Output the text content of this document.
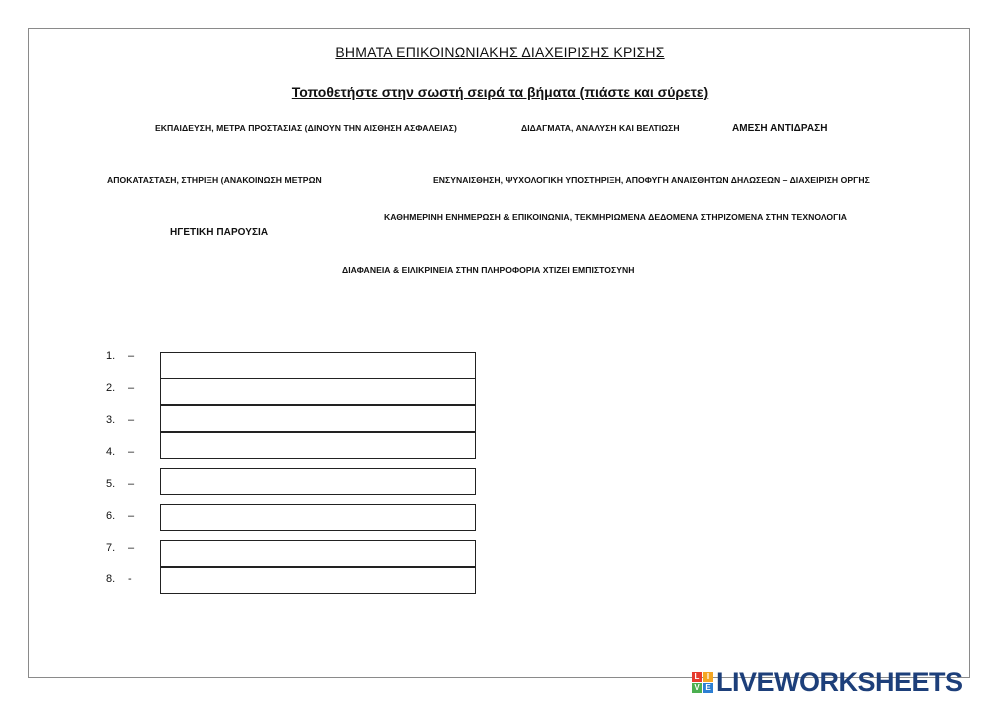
ΒΗΜΑΤΑ ΕΠΙΚΟΙΝΩΝΙΑΚΗΣ ΔΙΑΧΕΙΡΙΣΗΣ ΚΡΙΣΗΣ
Τοποθετήστε στην σωστή σειρά τα βήματα (πιάστε και σύρετε)
ΕΚΠΑΙΔΕΥΣΗ, ΜΕΤΡΑ ΠΡΟΣΤΑΣΙΑΣ (ΔΙΝΟΥΝ ΤΗΝ ΑΙΣΘΗΣΗ ΑΣΦΑΛΕΙΑΣ)	ΔΙΔΑΓΜΑΤΑ, ΑΝΑΛΥΣΗ ΚΑΙ ΒΕΛΤΙΩΣΗ	ΑΜΕΣΗ ΑΝΤΙΔΡΑΣΗ
ΑΠΟΚΑΤΑΣΤΑΣΗ, ΣΤΗΡΙΞΗ (ΑΝΑΚΟΙΝΩΣΗ ΜΕΤΡΩΝ	ΕΝΣΥΝΑΙΣΘΗΣΗ, ΨΥΧΟΛΟΓΙΚΗ ΥΠΟΣΤΗΡΙΞΗ, ΑΠΟΦΥΓΗ ΑΝΑΙΣΘΗΤΩΝ ΔΗΛΩΣΕΩΝ – ΔΙΑΧΕΙΡΙΣΗ ΟΡΓΗΣ
ΚΑΘΗΜΕΡΙΝΗ ΕΝΗΜΕΡΩΣΗ & ΕΠΙΚΟΙΝΩΝΙΑ, ΤΕΚΜΗΡΙΩΜΕΝΑ ΔΕΔΟΜΕΝΑ ΣΤΗΡΙΖΟΜΕΝΑ ΣΤΗΝ ΤΕΧΝΟΛΟΓΙΑ
ΗΓΕΤΙΚΗ ΠΑΡΟΥΣΙΑ
ΔΙΑΦΑΝΕΙΑ & ΕΙΛΙΚΡΙΝΕΙΑ ΣΤΗΝ ΠΛΗΡΟΦΟΡΙΑ ΧΤΙΖΕΙ ΕΜΠΙΣΤΟΣΥΝΗ
1. –
2. –
3. –
4. –
5. –
6. –
7. –
8. -
L I
V E LIVEWORKSHEETS
